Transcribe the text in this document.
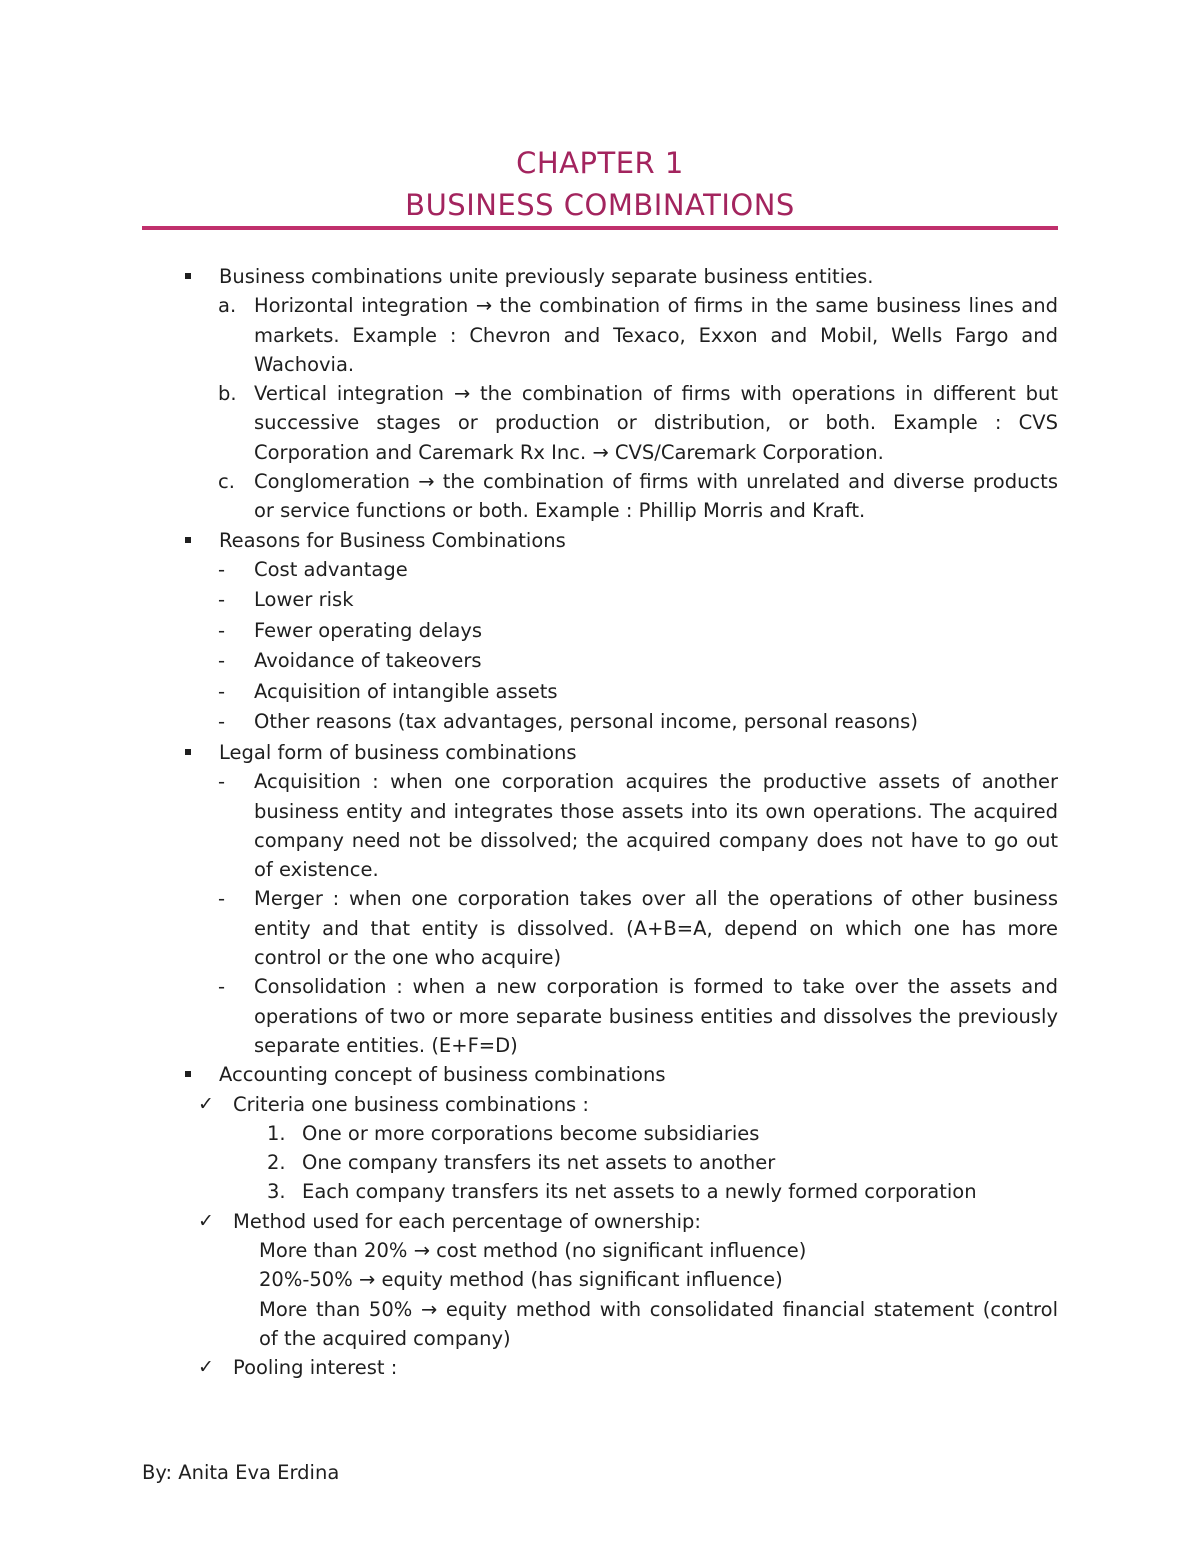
CHAPTER 1
BUSINESS COMBINATIONS
Business combinations unite previously separate business entities.
a. Horizontal integration → the combination of firms in the same business lines and markets. Example : Chevron and Texaco, Exxon and Mobil, Wells Fargo and Wachovia.
b. Vertical integration → the combination of firms with operations in different but successive stages or production or distribution, or both. Example : CVS Corporation and Caremark Rx Inc. → CVS/Caremark Corporation.
c. Conglomeration → the combination of firms with unrelated and diverse products or service functions or both. Example : Phillip Morris and Kraft.
Reasons for Business Combinations
- Cost advantage
- Lower risk
- Fewer operating delays
- Avoidance of takeovers
- Acquisition of intangible assets
- Other reasons (tax advantages, personal income, personal reasons)
Legal form of business combinations
- Acquisition : when one corporation acquires the productive assets of another business entity and integrates those assets into its own operations. The acquired company need not be dissolved; the acquired company does not have to go out of existence.
- Merger : when one corporation takes over all the operations of other business entity and that entity is dissolved. (A+B=A, depend on which one has more control or the one who acquire)
- Consolidation : when a new corporation is formed to take over the assets and operations of two or more separate business entities and dissolves the previously separate entities. (E+F=D)
Accounting concept of business combinations
✓ Criteria one business combinations :
1. One or more corporations become subsidiaries
2. One company transfers its net assets to another
3. Each company transfers its net assets to a newly formed corporation
✓ Method used for each percentage of ownership:
More than 20% → cost method (no significant influence)
20%-50% → equity method (has significant influence)
More than 50% → equity method with consolidated financial statement (control of the acquired company)
✓ Pooling interest :
By: Anita Eva Erdina
